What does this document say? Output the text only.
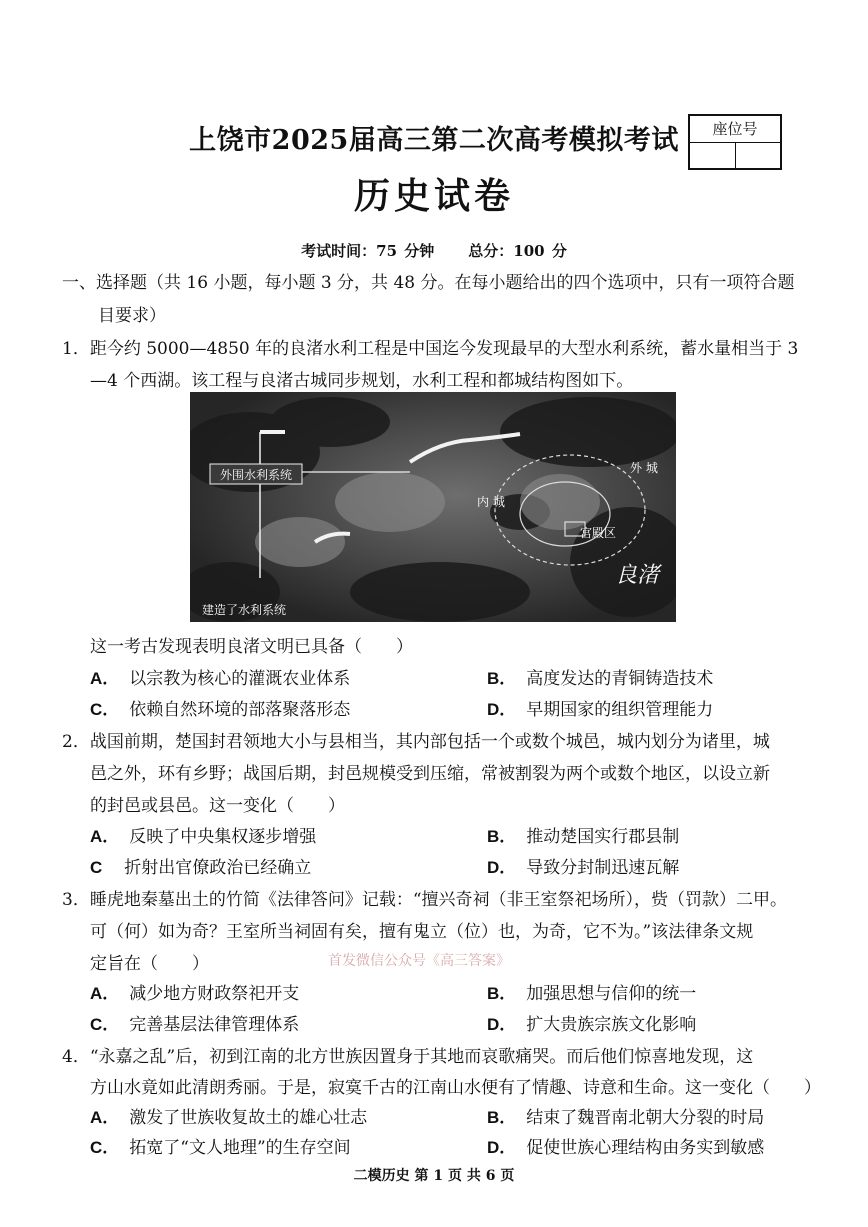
上饶市2025届高三第二次高考模拟考试	座位号
历史试卷
考试时间：75 分钟 总分：100 分
一、选择题（共 16 小题，每小题 3 分，共 48 分。在每小题给出的四个选项中，只有一项符合题
目要求）
1．距今约 5000—4850 年的良渚水利工程是中国迄今发现最早的大型水利系统，蓄水量相当于 3
—4 个西湖。该工程与良渚古城同步规划，水利工程和都城结构图如下。
外围水利系统	外 城
内 城
宫殿区
良渚
建造了水利系统
这一考古发现表明良渚文明已具备（　　）
A． 以宗教为核心的灌溉农业体系	B． 高度发达的青铜铸造技术
C． 依赖自然环境的部落聚落形态	D． 早期国家的组织管理能力
2．战国前期，楚国封君领地大小与县相当，其内部包括一个或数个城邑，城内划分为诸里，城
邑之外，环有乡野；战国后期，封邑规模受到压缩，常被割裂为两个或数个地区，以设立新
的封邑或县邑。这一变化（　　）
A． 反映了中央集权逐步增强	B． 推动楚国实行郡县制
C 折射出官僚政治已经确立	D． 导致分封制迅速瓦解
3．睡虎地秦墓出土的竹简《法律答问》记载：“擅兴奇祠（非王室祭祀场所），赀（罚款）二甲。
可（何）如为奇？王室所当祠固有矣，擅有鬼立（位）也，为奇，它不为。”该法律条文规
定旨在（　　）	首发微信公众号《高三答案》
A． 减少地方财政祭祀开支	B． 加强思想与信仰的统一
C． 完善基层法律管理体系	D． 扩大贵族宗族文化影响
4．“永嘉之乱”后，初到江南的北方世族因置身于其地而哀歌痛哭。而后他们惊喜地发现，这
方山水竟如此清朗秀丽。于是，寂寞千古的江南山水便有了情趣、诗意和生命。这一变化（　　）
A． 激发了世族收复故土的雄心壮志	B． 结束了魏晋南北朝大分裂的时局
C． 拓宽了“文人地理”的生存空间	D． 促使世族心理结构由务实到敏感
二模历史 第 1 页 共 6 页
